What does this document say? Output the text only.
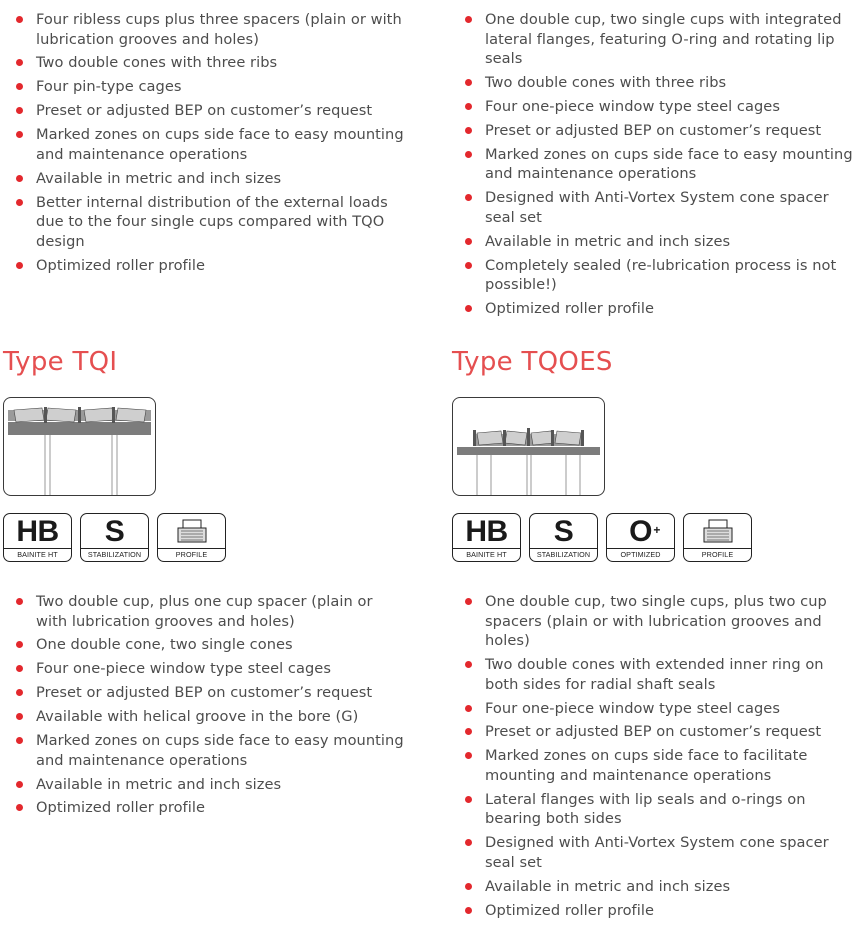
Four ribless cups plus three spacers (plain or with lubrication grooves and holes)
Two double cones with three ribs
Four pin-type cages
Preset or adjusted BEP on customer’s request
Marked zones on cups side face to easy mounting and maintenance operations
Available in metric and inch sizes
Better internal distribution of the external loads due to the four single cups compared with TQO design
Optimized roller profile
One double cup, two single cups with integrated lateral flanges, featuring O-ring and rotating lip seals
Two double cones with three ribs
Four one-piece window type steel cages
Preset or adjusted BEP on customer’s request
Marked zones on cups side face to easy mounting and maintenance operations
Designed with Anti-Vortex System cone spacer seal set
Available in metric and inch sizes
Completely sealed (re-lubrication process is not possible!)
Optimized roller profile
Type TQI
HB
BAINITE HT
S
STABILIZATION	PROFILE
Two double cup, plus one cup spacer (plain or with lubrication grooves and holes)
One double cone, two single cones
Four one-piece window type steel cages
Preset or adjusted BEP on customer’s request
Available with helical groove in the bore (G)
Marked zones on cups side face to easy mounting and maintenance operations
Available in metric and inch sizes
Optimized roller profile
Type TQOES
HB
BAINITE HT
S
STABILIZATION
O +
OPTIMIZED	PROFILE
One double cup, two single cups, plus two cup spacers (plain or with lubrication grooves and holes)
Two double cones with extended inner ring on both sides for radial shaft seals
Four one-piece window type steel cages
Preset or adjusted BEP on customer’s request
Marked zones on cups side face to facilitate mounting and maintenance operations
Lateral flanges with lip seals and o-rings on bearing both sides
Designed with Anti-Vortex System cone spacer seal set
Available in metric and inch sizes
Optimized roller profile
